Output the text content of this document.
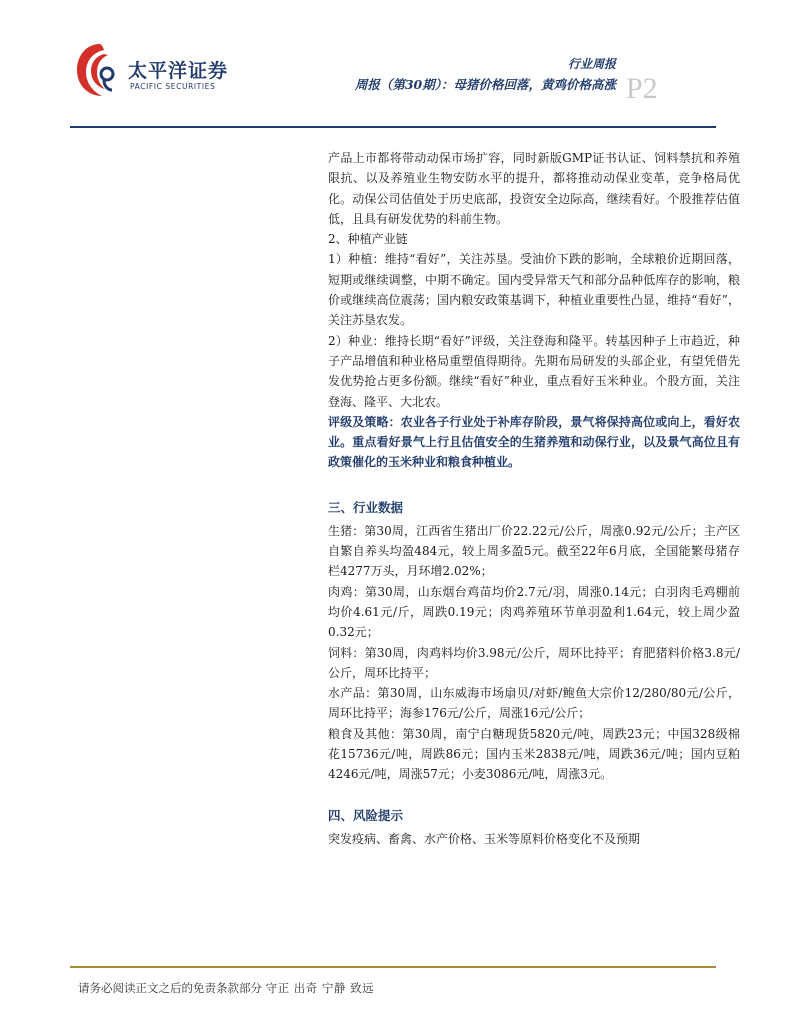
太平洋证券
PACIFIC SECURITIES
行业周报
周报（第30期）：母猪价格回落，黄鸡价格高涨 P2

产品上市都将带动动保市场扩容，同时新版GMP证书认证、饲料禁抗和养殖限抗、以及养殖业生物安防水平的提升，都将推动动保业变革，竞争格局优化。动保公司估值处于历史底部，投资安全边际高，继续看好。个股推荐估值低，且具有研发优势的科前生物。

2、种植产业链

1）种植：维持“看好”，关注苏垦。受油价下跌的影响，全球粮价近期回落，短期或继续调整，中期不确定。国内受异常天气和部分品种低库存的影响，粮价或继续高位震荡；国内粮安政策基调下，种植业重要性凸显，维持“看好”，关注苏垦农发。

2）种业：维持长期“看好”评级，关注登海和隆平。转基因种子上市趋近，种子产品增值和种业格局重塑值得期待。先期布局研发的头部企业，有望凭借先发优势抢占更多份额。继续“看好”种业，重点看好玉米种业。个股方面，关注登海、隆平、大北农。

评级及策略：农业各子行业处于补库存阶段，景气将保持高位或向上，看好农业。重点看好景气上行且估值安全的生猪养殖和动保行业，以及景气高位且有政策催化的玉米种业和粮食种植业。

三、行业数据

生猪：第30周，江西省生猪出厂价22.22元/公斤，周涨0.92元/公斤；主产区自繁自养头均盈484元，较上周多盈5元。截至22年6月底，全国能繁母猪存栏4277万头，月环增2.02%；

肉鸡：第30周，山东烟台鸡苗均价2.7元/羽，周涨0.14元；白羽肉毛鸡棚前均价4.61元/斤，周跌0.19元；肉鸡养殖环节单羽盈利1.64元，较上周少盈0.32元；

饲料：第30周，肉鸡料均价3.98元/公斤，周环比持平；育肥猪料价格3.8元/公斤，周环比持平；

水产品：第30周，山东威海市场扇贝/对虾/鲍鱼大宗价12/280/80元/公斤，周环比持平；海参176元/公斤，周涨16元/公斤；

粮食及其他：第30周，南宁白糖现货5820元/吨，周跌23元；中国328级棉花15736元/吨，周跌86元；国内玉米2838元/吨，周跌36元/吨；国内豆粕4246元/吨，周涨57元；小麦3086元/吨，周涨3元。

四、风险提示

突发疫病、畜禽、水产价格、玉米等原料价格变化不及预期

请务必阅读正文之后的免责条款部分 守正 出奇 宁静 致远
